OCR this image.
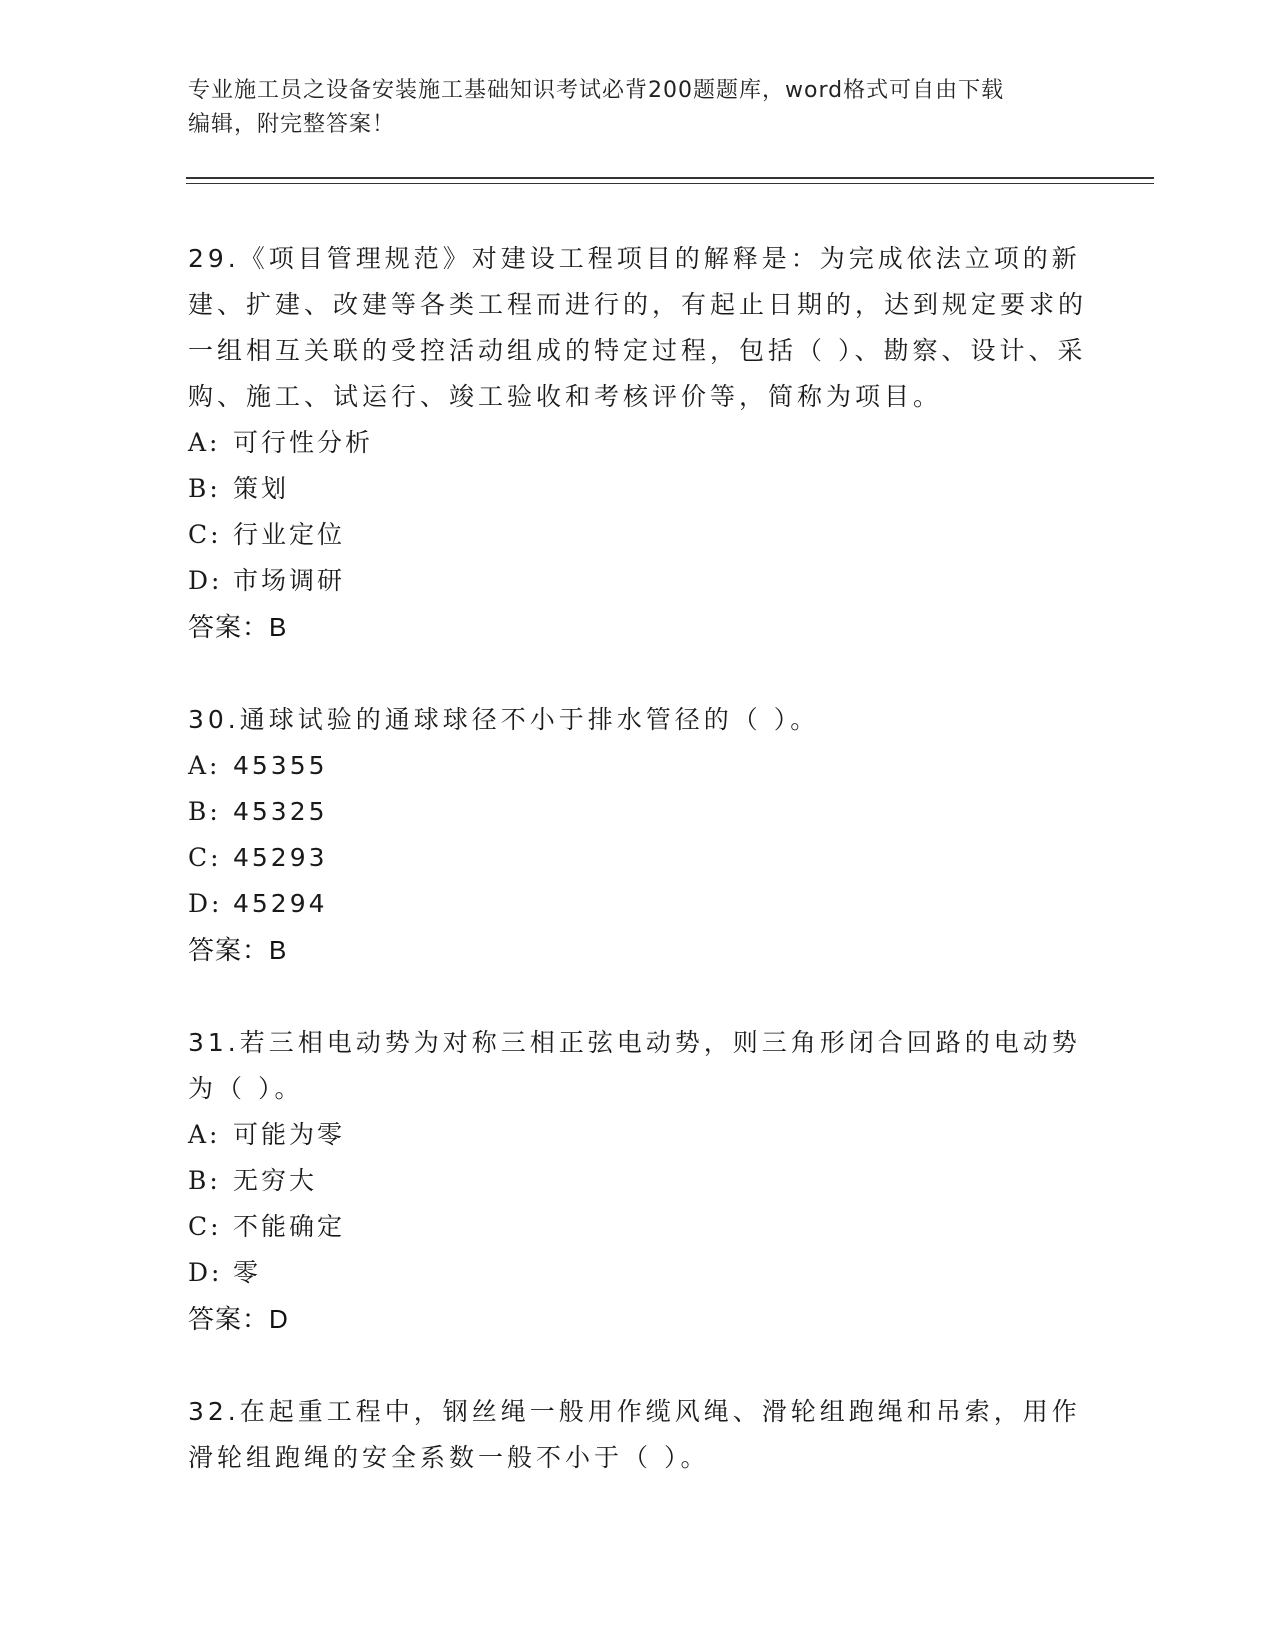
专业施工员之设备安装施工基础知识考试必背200题题库，word格式可自由下载
编辑，附完整答案！
29.《项目管理规范》对建设工程项目的解释是：为完成依法立项的新建、扩建、改建等各类工程而进行的，有起止日期的，达到规定要求的一组相互关联的受控活动组成的特定过程，包括（ ）、勘察、设计、采购、施工、试运行、竣工验收和考核评价等，简称为项目。
A: 可行性分析
B: 策划
C: 行业定位
D: 市场调研
答案：B
30.通球试验的通球球径不小于排水管径的（ ）。
A: 45355
B: 45325
C: 45293
D: 45294
答案：B
31.若三相电动势为对称三相正弦电动势，则三角形闭合回路的电动势为（ ）。
A: 可能为零
B: 无穷大
C: 不能确定
D: 零
答案：D
32.在起重工程中，钢丝绳一般用作缆风绳、滑轮组跑绳和吊索，用作滑轮组跑绳的安全系数一般不小于（ ）。
